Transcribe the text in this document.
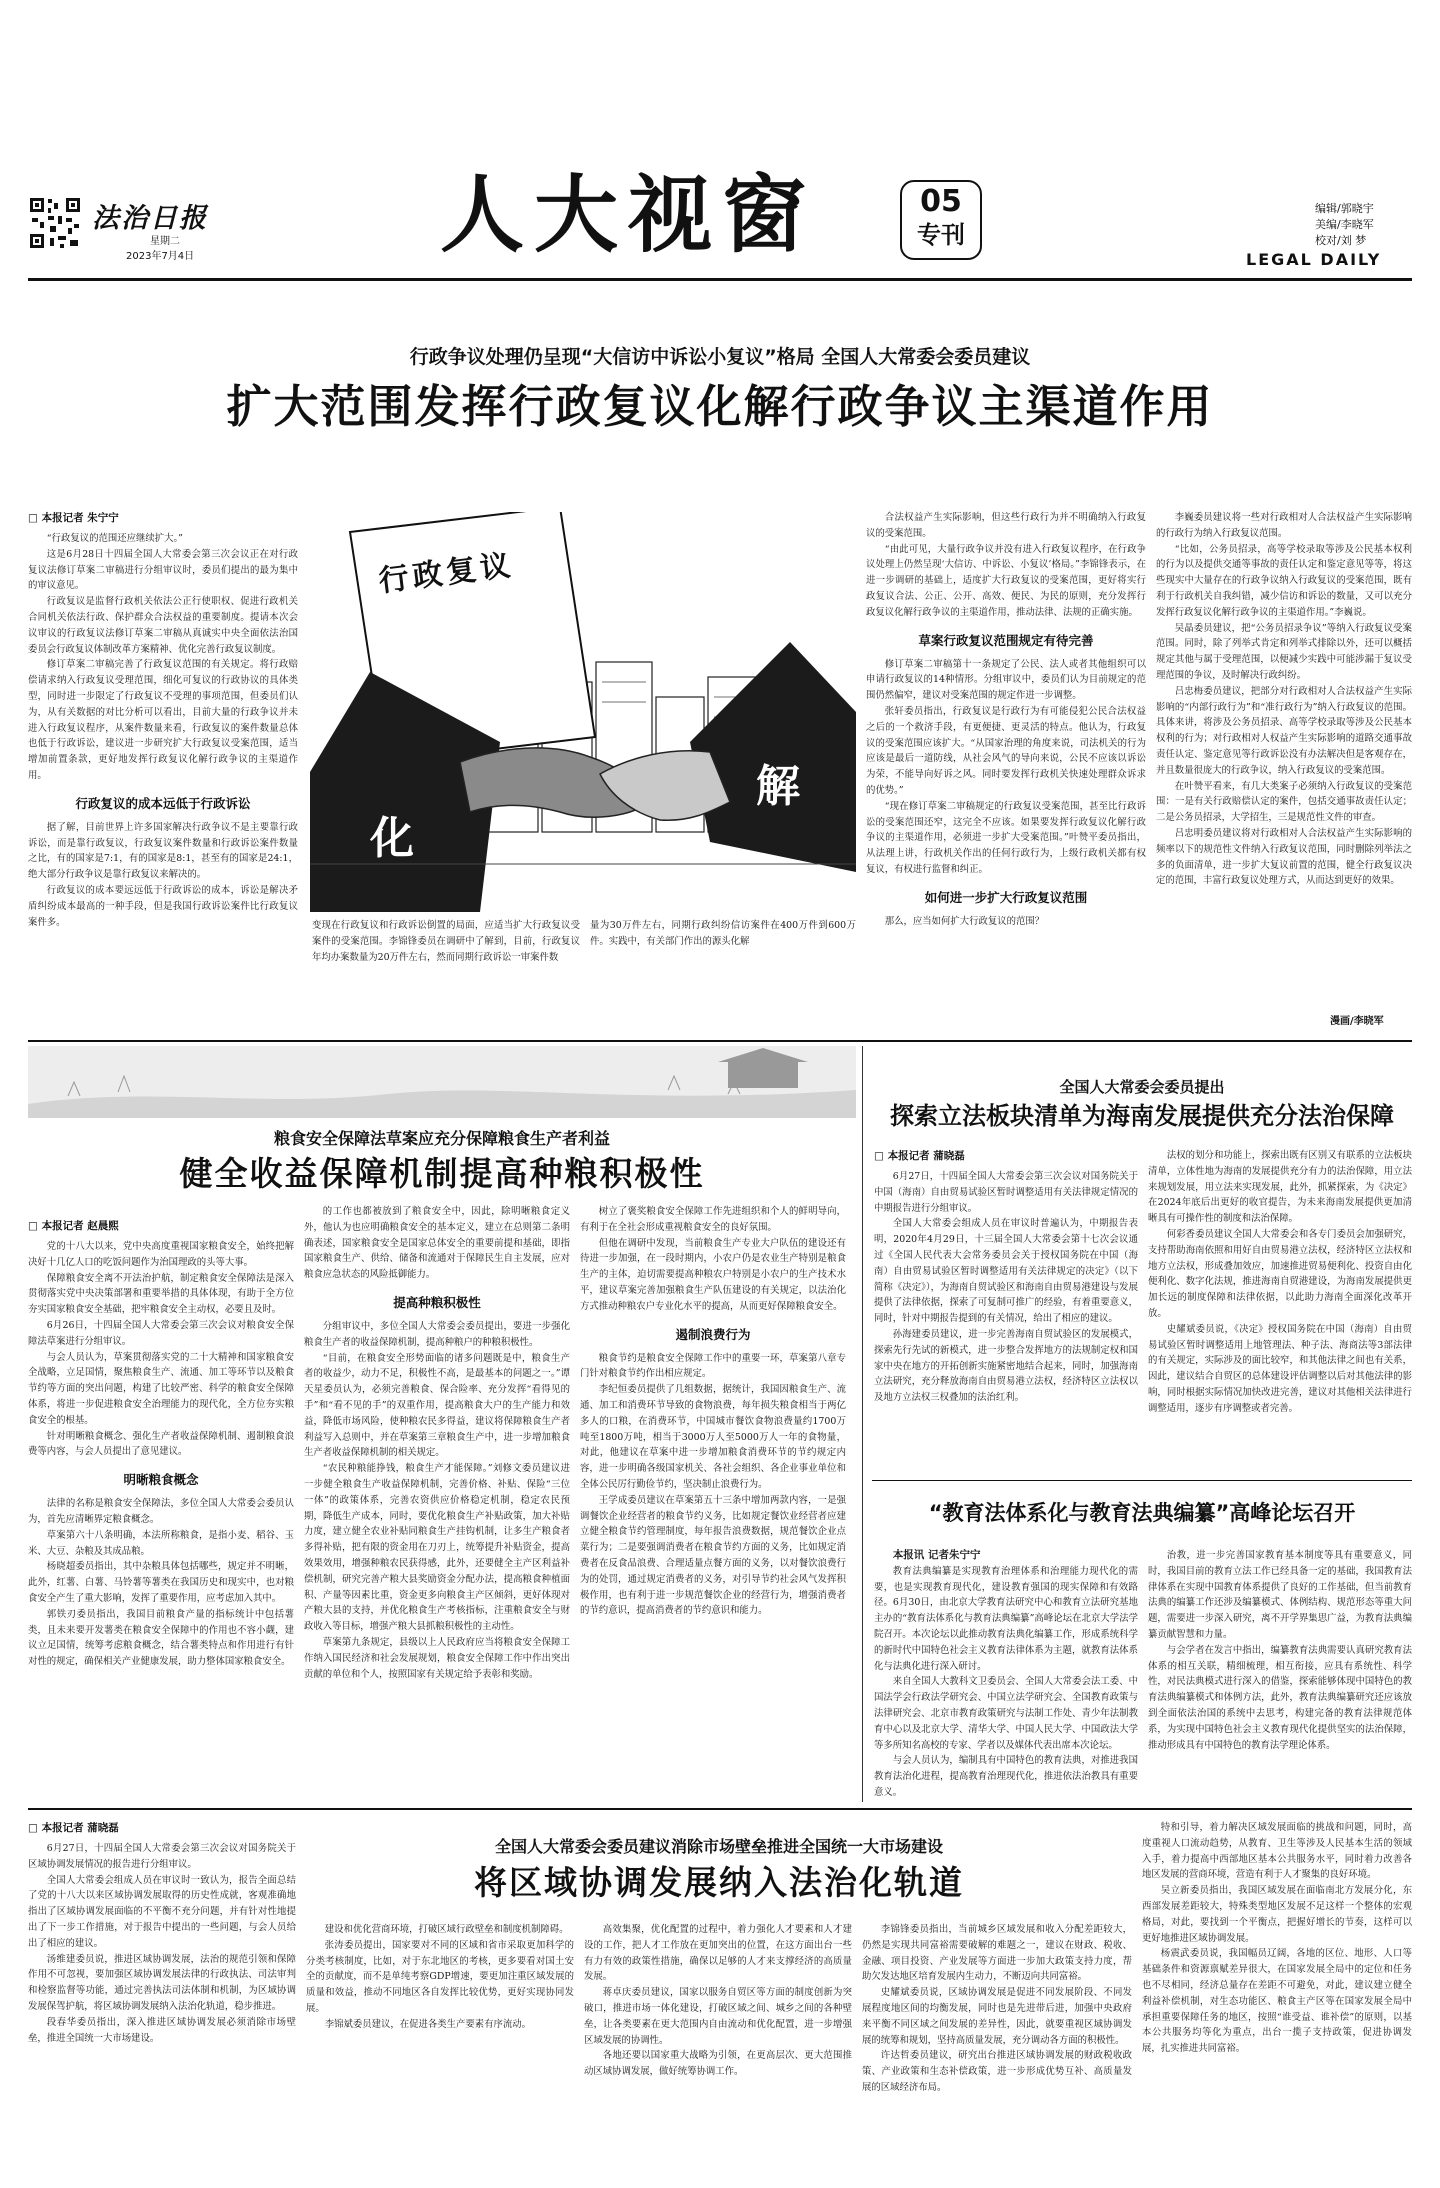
法治日报
星期二
2023年7月4日	人大视窗	05
专刊
编辑/郭晓宇
美编/李晓军
校对/刘 梦
LEGAL DAILY
行政争议处理仍呈现“大信访中诉讼小复议”格局 全国人大常委会委员建议
扩大范围发挥行政复议化解行政争议主渠道作用
□ 本报记者 朱宁宁

“行政复议的范围还应继续扩大。”

这是6月28日十四届全国人大常委会第三次会议正在对行政复议法修订草案二审稿进行分组审议时，委员们提出的最为集中的审议意见。

行政复议是监督行政机关依法公正行使职权、促进行政机关合同机关依法行政、保护群众合法权益的重要制度。提请本次会议审议的行政复议法修订草案二审稿从真诚实中央全面依法治国委员会行政复议体制改革方案精神、优化完善行政复议制度。

修订草案二审稿完善了行政复议范围的有关规定。将行政赔偿请求纳入行政复议受理范围，细化可复议的行政协议的具体类型，同时进一步限定了行政复议不受理的事项范围，但委员们认为，从有关数据的对比分析可以看出，目前大量的行政争议并未进入行政复议程序，从案件数量来看，行政复议的案件数量总体也低于行政诉讼，建议进一步研究扩大行政复议受案范围，适当增加前置条款，更好地发挥行政复议化解行政争议的主渠道作用。

行政复议的成本远低于行政诉讼

据了解，目前世界上许多国家解决行政争议不是主要靠行政诉讼，而是靠行政复议，行政复议案件数量和行政诉讼案件数量之比，有的国家是7:1，有的国家是8:1，甚至有的国家是24:1，绝大部分行政争议是靠行政复议来解决的。

行政复议的成本要远远低于行政诉讼的成本，诉讼是解决矛盾纠纷成本最高的一种手段，但是我国行政诉讼案件比行政复议案件多。

行政复议
化
解

变现在行政复议和行政诉讼倒置的局面，应适当扩大行政复议受案件的受案范围。李锦锋委员在调研中了解到，目前，行政复议年均办案数量为20万件左右，然而同期行政诉讼一审案件数

量为30万件左右，同期行政纠纷信访案件在400万件到600万件。实践中，有关部门作出的源头化解

合法权益产生实际影响，但这些行政行为并不明确纳入行政复议的受案范围。

“由此可见，大量行政争议并没有进入行政复议程序，在行政争议处理上仍然呈现‘大信访、中诉讼、小复议’格局。”李锦锋表示，在进一步调研的基础上，适度扩大行政复议的受案范围，更好将实行政复议合法、公正、公开、高效、便民、为民的原则，充分发挥行政复议化解行政争议的主渠道作用，推动法律、法规的正确实施。

草案行政复议范围规定有待完善

修订草案二审稿第十一条规定了公民、法人或者其他组织可以申请行政复议的14种情形。分组审议中，委员们认为目前规定的范围仍然偏窄，建议对受案范围的规定作进一步调整。

张轩委员指出，行政复议是行政行为有可能侵犯公民合法权益之后的一个救济手段，有更便捷、更灵活的特点。他认为，行政复议的受案范围应该扩大。“从国家治理的角度来说，司法机关的行为应该是最后一道防线，从社会风气的导向来说，公民不应该以诉讼为荣，不能导向好诉之风。同时要发挥行政机关快速处理群众诉求的优势。”

“现在修订草案二审稿规定的行政复议受案范围，甚至比行政诉讼的受案范围还窄，这完全不应该。如果要发挥行政复议化解行政争议的主渠道作用，必须进一步扩大受案范围。”叶赞平委员指出，从法理上讲，行政机关作出的任何行政行为，上级行政机关都有权复议，有权进行监督和纠正。

如何进一步扩大行政复议范围

那么，应当如何扩大行政复议的范围？

李巍委员建议将一些对行政相对人合法权益产生实际影响的行政行为纳入行政复议范围。

“比如，公务员招录，高等学校录取等涉及公民基本权利的行为以及提供交通等事故的责任认定和鉴定意见等等，将这些现实中大量存在的行政争议纳入行政复议的受案范围，既有利于行政机关自我纠错，减少信访和诉讼的数量，又可以充分发挥行政复议化解行政争议的主渠道作用。”李巍说。

吴晶委员建议，把“公务员招录争议”等纳入行政复议受案范围。同时，除了列举式肯定和列举式排除以外，还可以概括规定其他与属于受理范围，以便减少实践中可能涉漏于复议受理范围的争议，及时解决行政纠纷。

吕忠梅委员建议，把部分对行政相对人合法权益产生实际影响的“内部行政行为”和“准行政行为”纳入行政复议的范围。具体来讲，将涉及公务员招录、高等学校录取等涉及公民基本权利的行为；对行政相对人权益产生实际影响的道路交通事故责任认定、鉴定意见等行政诉讼没有办法解决但是客观存在，并且数量很庞大的行政争议，纳入行政复议的受案范围。

在叶赞平看来，有几大类案子必须纳入行政复议的受案范围：一是有关行政赔偿认定的案件，包括交通事故责任认定；二是公务员招录，大学招生，三是规范性文件的审查。

吕忠明委员建议将对行政相对人合法权益产生实际影响的频率以下的规范性文件纳入行政复议范围，同时删除列举法之多的负面清单，进一步扩大复议前置的范围，健全行政复议决定的范围，丰富行政复议处理方式，从而达到更好的效果。

漫画/李晓军
粮食安全保障法草案应充分保障粮食生产者利益
健全收益保障机制提高种粮积极性
□ 本报记者 赵晨熙

党的十八大以来，党中央高度重视国家粮食安全，始终把解决好十几亿人口的吃饭问题作为治国理政的头等大事。

保障粮食安全离不开法治护航，制定粮食安全保障法是深入贯彻落实党中央决策部署和重要举措的具体体现，有助于全方位夯实国家粮食安全基础，把牢粮食安全主动权，必要且及时。

6月26日，十四届全国人大常委会第三次会议对粮食安全保障法草案进行分组审议。

与会人员认为，草案贯彻落实党的二十大精神和国家粮食安全战略，立足国情，聚焦粮食生产、流通、加工等环节以及粮食节约等方面的突出问题，构建了比较严密、科学的粮食安全保障体系，将进一步促进粮食安全治理能力的现代化，全方位夯实粮食安全的根基。

针对明晰粮食概念、强化生产者收益保障机制、遏制粮食浪费等内容，与会人员提出了意见建议。

明晰粮食概念

法律的名称是粮食安全保障法，多位全国人大常委会委员认为，首先应清晰界定粮食概念。

草案第六十八条明确，本法所称粮食，是指小麦、稻谷、玉米、大豆、杂粮及其成品粮。

杨晓超委员指出，其中杂粮具体包括哪些，规定并不明晰，此外，红薯、白薯、马铃薯等薯类在我国历史和现实中，也对粮食安全产生了重大影响，发挥了重要作用，应考虑加入其中。

郭铁刃委员指出，我国目前粮食产量的指标统计中包括薯类，且未来要开发薯类在粮食安全保障中的作用也不容小觑，建议立足国情，统筹考虑粮食概念，结合薯类特点和作用进行有针对性的规定，确保相关产业健康发展，助力整体国家粮食安全。

的工作也都被放到了粮食安全中，因此，除明晰粮食定义外，他认为也应明确粮食安全的基本定义，建立在总则第二条明确表述，国家粮食安全是国家总体安全的重要前提和基础，即指国家粮食生产、供给、储备和流通对于保障民生自主发展，应对粮食应急状态的风险抵御能力。

提高种粮积极性

分组审议中，多位全国人大常委会委员提出，要进一步强化粮食生产者的收益保障机制，提高种粮户的种粮积极性。

“目前，在粮食安全形势面临的诸多问题既是中，粮食生产者的收益少，动力不足，积极性不高，是最基本的问题之一。”谭天星委员认为，必须完善粮食、保合险率、充分发挥“看得见的手”和“看不见的手”的双重作用，提高粮食大户的生产能力和效益，降低市场风险，使种粮农民多得益，建议将保障粮食生产者利益写入总则中，并在草案第三章粮食生产中，进一步增加粮食生产者收益保障机制的相关规定。

“农民种粮能挣钱，粮食生产才能保障。”刘修文委员建议进一步健全粮食生产收益保障机制，完善价格、补贴、保险“三位一体”的政策体系，完善农资供应价格稳定机制，稳定农民预期，降低生产成本，同时，要优化粮食生产补贴政策，加大补贴力度，建立健全农业补贴同粮食生产挂钩机制，让多生产粮食者多得补贴，把有限的资金用在刀刃上，统筹提升补贴资金，提高效果效用，增强种粮农民获得感，此外，还要健全主产区利益补偿机制，研究完善产粮大县奖励资金分配办法，提高粮食种植面积、产量等因素比重，资金更多向粮食主产区倾斜，更好体现对产粮大县的支持，并优化粮食生产考核指标，注重粮食安全与财政收入等目标，增强产粮大县抓粮积极性的主动性。

草案第九条规定，县级以上人民政府应当将粮食安全保障工作纳入国民经济和社会发展规划，粮食安全保障工作中作出突出贡献的单位和个人，按照国家有关规定给予表彰和奖励。

树立了褒奖粮食安全保障工作先进组织和个人的鲜明导向，有利于在全社会形成重视粮食安全的良好氛围。

但他在调研中发现，当前粮食生产专业大户队伍的建设还有待进一步加强，在一段时期内，小农户仍是农业生产特别是粮食生产的主体，迫切需要提高种粮农户特别是小农户的生产技术水平，建议草案完善加强粮食生产队伍建设的有关规定，以法治化方式推动种粮农户专业化水平的提高，从而更好保障粮食安全。

遏制浪费行为

粮食节约是粮食安全保障工作中的重要一环，草案第八章专门针对粮食节约作出相应规定。

李纪恒委员提供了几组数据，据统计，我国因粮食生产、流通、加工和消费环节导致的食物浪费，每年损失粮食相当于两亿多人的口粮，在消费环节，中国城市餐饮食物浪费量约1700万吨至1800万吨，相当于3000万人至5000万人一年的食物量，对此，他建议在草案中进一步增加粮食消费环节的节约规定内容，进一步明确各级国家机关、各社会组织、各企业事业单位和全体公民厉行勤俭节约，坚决制止浪费行为。

王学成委员建议在草案第五十三条中增加两款内容，一是强调餐饮企业经营者的粮食节约义务，比如规定餐饮业经营者应建立健全粮食节约管理制度，每年报告浪费数据，规范餐饮企业点菜行为；二是要强调消费者在粮食节约方面的义务，比如规定消费者在反食品浪费、合理适量点餐方面的义务，以对餐饮浪费行为的处罚，通过规定消费者的义务，对引导节约社会风气发挥积极作用，也有利于进一步规范餐饮企业的经营行为，增强消费者的节约意识，提高消费者的节约意识和能力。

全国人大常委会委员提出
探索立法板块清单为海南发展提供充分法治保障
□ 本报记者 蒲晓磊

6月27日，十四届全国人大常委会第三次会议对国务院关于中国（海南）自由贸易试验区暂时调整适用有关法律规定情况的中期报告进行分组审议。

全国人大常委会组成人员在审议时普遍认为，中期报告表明，2020年4月29日，十三届全国人大常委会第十七次会议通过《全国人民代表大会常务委员会关于授权国务院在中国（海南）自由贸易试验区暂时调整适用有关法律规定的决定》（以下简称《决定》），为海南自贸试验区和海南自由贸易港建设与发展提供了法律依据，探索了可复制可推广的经验，有着重要意义，同时，针对中期报告提到的有关情况，给出了相应的建议。

孙海建委员建议，进一步完善海南自贸试验区的发展模式，探索先行先试的新模式，进一步整合发挥地方的法规制定权和国家中央在地方的开拓创新实施紧密地结合起来，同时，加强海南立法研究，充分释放海南自由贸易港立法权，经济特区立法权以及地方立法权三权叠加的法治红利。

法权的划分和功能上，探索出既有区别又有联系的立法板块清单，立体性地为海南的发展提供充分有力的法治保障，用立法来规划发展，用立法来实现发展，此外，抓紧探索，为《决定》在2024年底后出更好的收官提告，为未来海南发展提供更加清晰具有可操作性的制度和法治保障。

何彩香委员建议全国人大常委会和各专门委员会加强研究，支持帮助海南依照和用好自由贸易港立法权，经济特区立法权和地方立法权，形成叠加效应，加速推进贸易便利化、投资自由化便利化、数字化法规，推进海南自贸港建设，为海南发展提供更加长远的制度保障和法律依据，以此助力海南全面深化改革开放。

史耀斌委员说，《决定》授权国务院在中国（海南）自由贸易试验区暂时调整适用上地管理法、种子法、海商法等3部法律的有关规定，实际涉及的面比较窄，和其他法律之间也有关系，因此，建议结合自贸区的总体建设评估调整以后对其他法律的影响，同时根据实际情况加快改进完善，建议对其他相关法律进行调整适用，逐步有序调整或者完善。

“教育法体系化与教育法典编纂”高峰论坛召开

本报讯 记者朱宁宁

教育法典编纂是实现教育治理体系和治理能力现代化的需要，也是实现教育现代化，建设教育强国的现实保障和有效路径。6月30日，由北京大学教育法研究中心和教育立法研究基地主办的“教育法体系化与教育法典编纂”高峰论坛在北京大学法学院召开。本次论坛以此推动教育法典化编纂工作，形成系统科学的新时代中国特色社会主义教育法律体系为主题，就教育法体系化与法典化进行深入研讨。

来自全国人大教科文卫委员会、全国人大常委会法工委、中国法学会行政法学研究会、中国立法学研究会、全国教育政策与法律研究会、北京市教育政策研究与法制工作处、青少年法制教育中心以及北京大学、清华大学、中国人民大学、中国政法大学等多所知名高校的专家、学者以及媒体代表出席本次论坛。

与会人员认为，编制具有中国特色的教育法典，对推进我国教育法治化进程，提高教育治理现代化，推进依法治教具有重要意义。

治教，进一步完善国家教育基本制度等具有重要意义，同时，我国目前的教育立法工作已经具备一定的基础，我国教育法律体系在实现中国教育体系提供了良好的工作基础，但当前教育法典的编纂工作还涉及编纂模式、体例结构、规范形态等重大问题，需要进一步深入研究，离不开学界集思广益，为教育法典编纂贡献智慧和力量。

与会学者在发言中指出，编纂教育法典需要认真研究教育法体系的相互关联，精细梳理，相互衔接，应具有系统性、科学性，对民法典模式进行深入的借鉴，探索能够体现中国特色的教育法典编纂模式和体例方法，此外，教育法典编纂研究还应该放到全面依法治国的系统中去思考，构建完备的教育法律规范体系，为实现中国特色社会主义教育现代化提供坚实的法治保障，推动形成具有中国特色的教育法学理论体系。

□ 本报记者 蒲晓磊

6月27日，十四届全国人大常委会第三次会议对国务院关于区域协调发展情况的报告进行分组审议。

全国人大常委会组成人员在审议时一致认为，报告全面总结了党的十八大以来区域协调发展取得的历史性成就，客观准确地指出了区域协调发展面临的不平衡不充分问题，并有针对性地提出了下一步工作措施，对于报告中提出的一些问题，与会人员给出了相应的建议。

汤维建委员说，推进区域协调发展，法治的规范引领和保障作用不可忽视，要加强区域协调发展法律的行政执法、司法审判和检察监督等功能，通过完善执法司法体制和机制，为区域协调发展保驾护航，将区域协调发展纳入法治化轨道，稳步推进。

段春华委员指出，深入推进区域协调发展必须消除市场壁垒，推进全国统一大市场建设。

全国人大常委会委员建议消除市场壁垒推进全国统一大市场建设
将区域协调发展纳入法治化轨道

建设和优化营商环境，打破区域行政壁垒和制度机制障碍。

张涛委员提出，国家要对不同的区域和省市采取更加科学的分类考核制度，比如，对于东北地区的考核，更多要看对国土安全的贡献度，而不是单纯考察GDP增速，要更加注重区域发展的质量和效益，推动不同地区各自发挥比较优势，更好实现协同发展。

李锦斌委员建议，在促进各类生产要素有序流动。

高效集聚，优化配置的过程中，着力强化人才要素和人才建设的工作，把人才工作放在更加突出的位置，在这方面出台一些有力有效的政策性措施，确保以足够的人才来支撑经济的高质量发展。

蒋卓庆委员建议，国家以服务自贸区等方面的制度创新为突破口，推进市场一体化建设，打破区域之间、城乡之间的各种壁垒，让各类要素在更大范围内自由流动和优化配置，进一步增强区域发展的协调性。

各地还要以国家重大战略为引领，在更高层次、更大范围推动区域协调发展，做好统筹协调工作。

李锦锋委员指出，当前城乡区域发展和收入分配差距较大，仍然是实现共同富裕需要破解的难题之一，建议在财政、税收、金融、项目投资、产业发展等方面进一步加大政策支持力度，帮助欠发达地区培育发展内生动力，不断迈向共同富裕。

史耀斌委员说，区域协调发展是促进不同发展阶段、不同发展程度地区间的均衡发展，同时也是先进带后进，加强中央政府来平衡不同区域之间发展的差异性，因此，就要重视区域协调发展的统筹和规划，坚持高质量发展，充分调动各方面的积极性。

许达哲委员建议，研究出台推进区域协调发展的财政税收政策、产业政策和生态补偿政策，进一步形成优势互补、高质量发展的区域经济布局。

特和引导，着力解决区域发展面临的挑战和问题，同时，高度重视人口流动趋势，从教育、卫生等涉及人民基本生活的领域入手，着力提高中西部地区基本公共服务水平，同时着力改善各地区发展的营商环境，营造有利于人才聚集的良好环境。

吴立新委员指出，我国区域发展在面临南北方发展分化，东西部发展差距较大，特殊类型地区发展不足这样一个整体的宏观格局，对此，要找到一个平衡点，把握好增长的节奏，这样可以更好地推进区域协调发展。

杨震武委员说，我国幅员辽阔，各地的区位、地形、人口等基础条件和资源禀赋差异很大，在国家发展全局中的定位和任务也不尽相同，经济总量存在差距不可避免，对此，建议建立健全利益补偿机制，对生态功能区、粮食主产区等在国家发展全局中承担重要保障任务的地区，按照“谁受益、谁补偿”的原则，以基本公共服务均等化为重点，出台一揽子支持政策，促进协调发展，扎实推进共同富裕。
